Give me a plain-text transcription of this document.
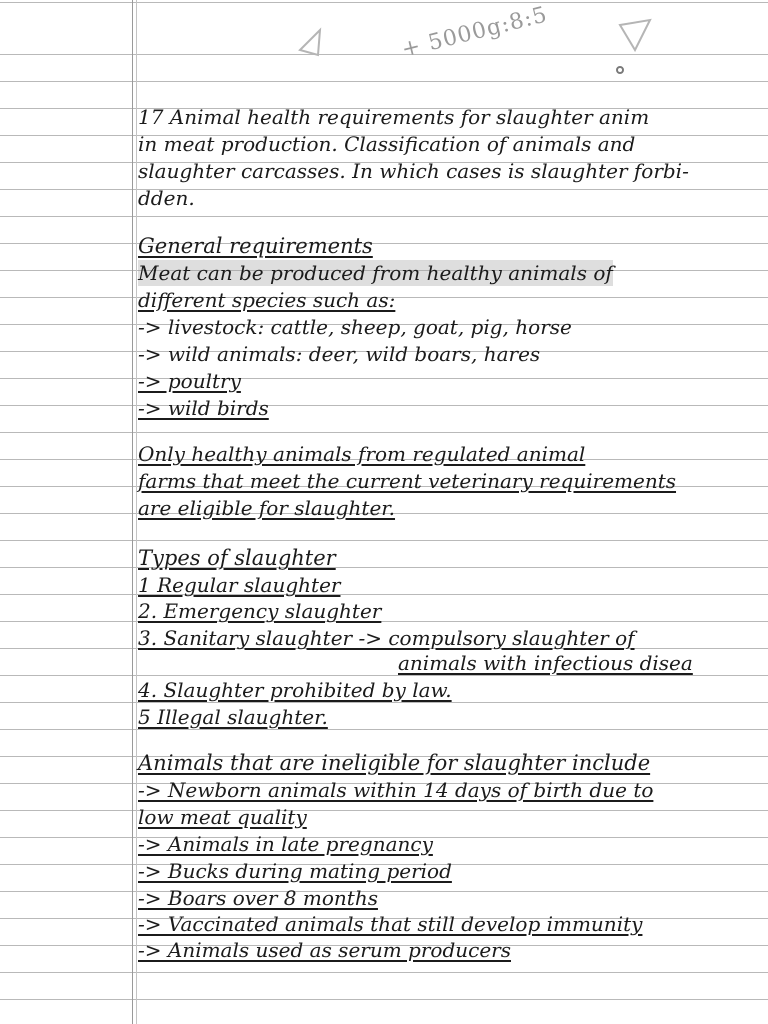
+ 5000g:8:5
17 Animal health requirements for slaughter anim
in meat production. Classification of animals and
slaughter carcasses. In which cases is slaughter forbi-
dden.
General requirements
Meat can be produced from healthy animals of
different species such as:
-> livestock: cattle, sheep, goat, pig, horse
-> wild animals: deer, wild boars, hares
-> poultry
-> wild birds
Only healthy animals from regulated animal
farms that meet the current veterinary requirements
are eligible for slaughter.
Types of slaughter
1 Regular slaughter
2. Emergency slaughter
3. Sanitary slaughter -> compulsory slaughter of
animals with infectious disea
4. Slaughter prohibited by law.
5 Illegal slaughter.
Animals that are ineligible for slaughter include
-> Newborn animals within 14 days of birth due to
low meat quality
-> Animals in late pregnancy
-> Bucks during mating period
-> Boars over 8 months
-> Vaccinated animals that still develop immunity
-> Animals used as serum producers
